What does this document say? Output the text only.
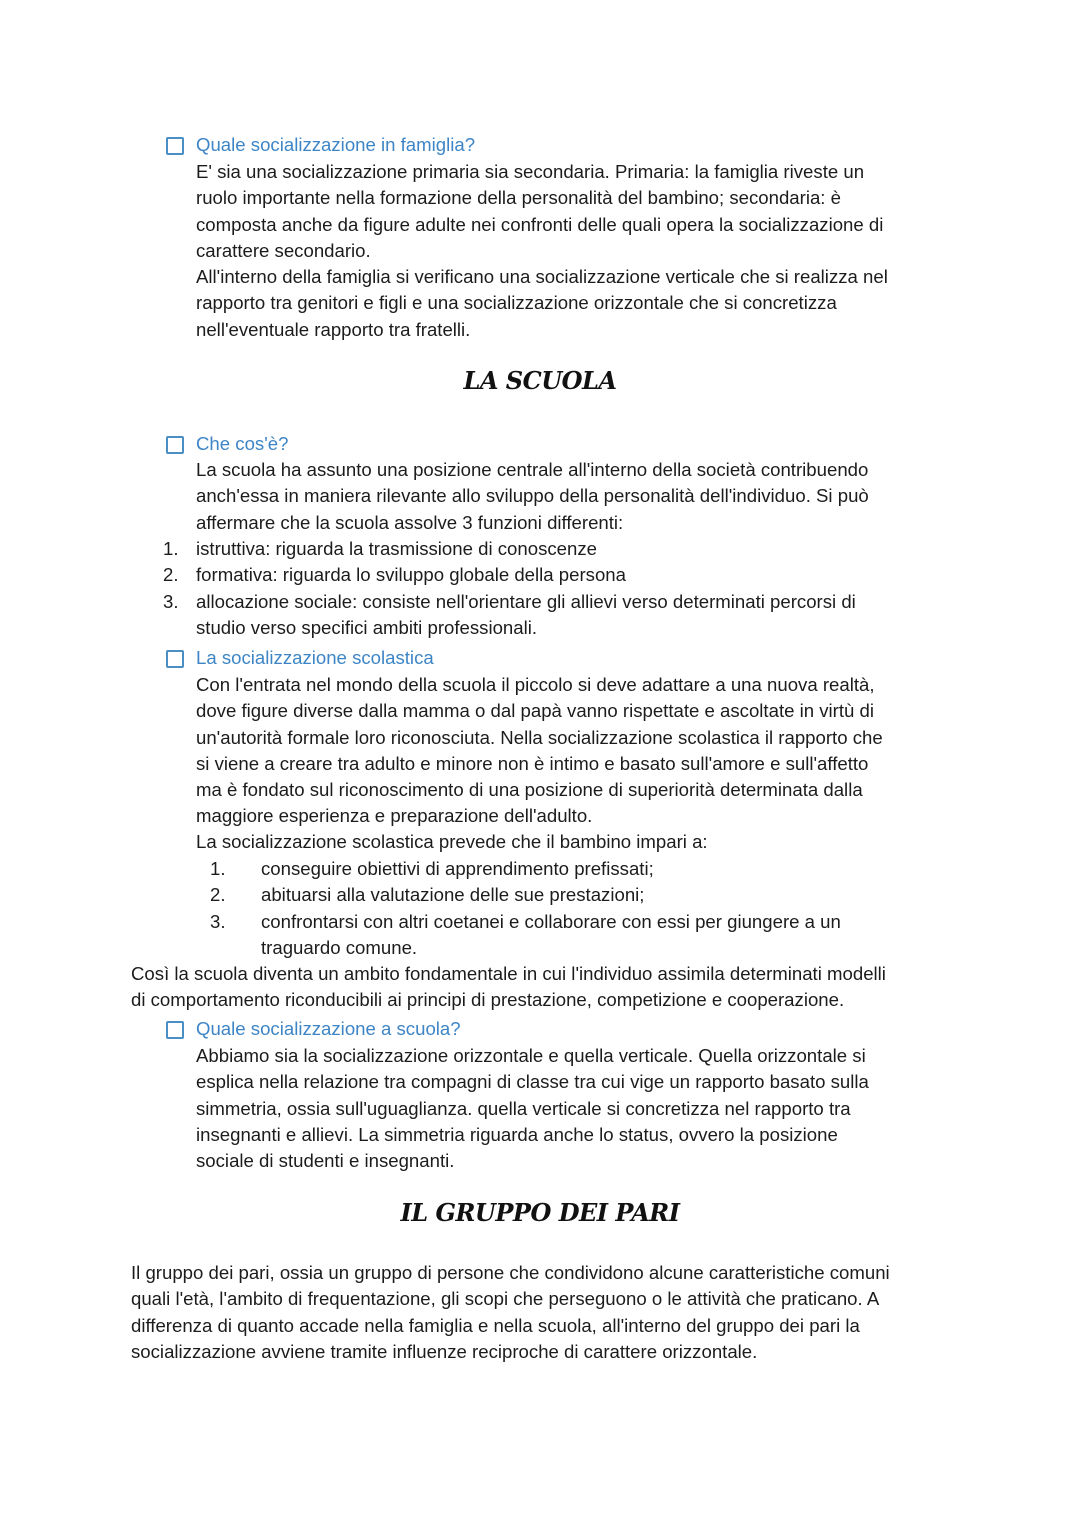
Quale socializzazione in famiglia?

E' sia una socializzazione primaria sia secondaria. Primaria: la famiglia riveste un
ruolo importante nella formazione della personalità del bambino; secondaria: è
composta anche da figure adulte nei confronti delle quali opera la socializzazione di
carattere secondario.

All'interno della famiglia si verificano una socializzazione verticale che si realizza nel
rapporto tra genitori e figli e una socializzazione orizzontale che si concretizza
nell'eventuale rapporto tra fratelli.

LA SCUOLA
Che cos'è?

La scuola ha assunto una posizione centrale all'interno della società contribuendo
anch'essa in maniera rilevante allo sviluppo della personalità dell'individuo. Si può
affermare che la scuola assolve 3 funzioni differenti:

1. istruttiva: riguarda la trasmissione di conoscenze
2. formativa: riguarda lo sviluppo globale della persona
3. allocazione sociale: consiste nell'orientare gli allievi verso determinati percorsi di
studio verso specifici ambiti professionali.
La socializzazione scolastica

Con l'entrata nel mondo della scuola il piccolo si deve adattare a una nuova realtà,
dove figure diverse dalla mamma o dal papà vanno rispettate e ascoltate in virtù di
un'autorità formale loro riconosciuta. Nella socializzazione scolastica il rapporto che
si viene a creare tra adulto e minore non è intimo e basato sull'amore e sull'affetto
ma è fondato sul riconoscimento di una posizione di superiorità determinata dalla
maggiore esperienza e preparazione dell'adulto.

La socializzazione scolastica prevede che il bambino impari a:

1.	conseguire obiettivi di apprendimento prefissati;
2.	abituarsi alla valutazione delle sue prestazioni;
3.	confrontarsi con altri coetanei e collaborare con essi per giungere a un
traguardo comune.

Così la scuola diventa un ambito fondamentale in cui l'individuo assimila determinati modelli
di comportamento riconducibili ai principi di prestazione, competizione e cooperazione.

Quale socializzazione a scuola?

Abbiamo sia la socializzazione orizzontale e quella verticale. Quella orizzontale si
esplica nella relazione tra compagni di classe tra cui vige un rapporto basato sulla
simmetria, ossia sull'uguaglianza. quella verticale si concretizza nel rapporto tra
insegnanti e allievi. La simmetria riguarda anche lo status, ovvero la posizione
sociale di studenti e insegnanti.

IL GRUPPO DEI PARI

Il gruppo dei pari, ossia un gruppo di persone che condividono alcune caratteristiche comuni
quali l'età, l'ambito di frequentazione, gli scopi che perseguono o le attività che praticano. A
differenza di quanto accade nella famiglia e nella scuola, all'interno del gruppo dei pari la
socializzazione avviene tramite influenze reciproche di carattere orizzontale.
